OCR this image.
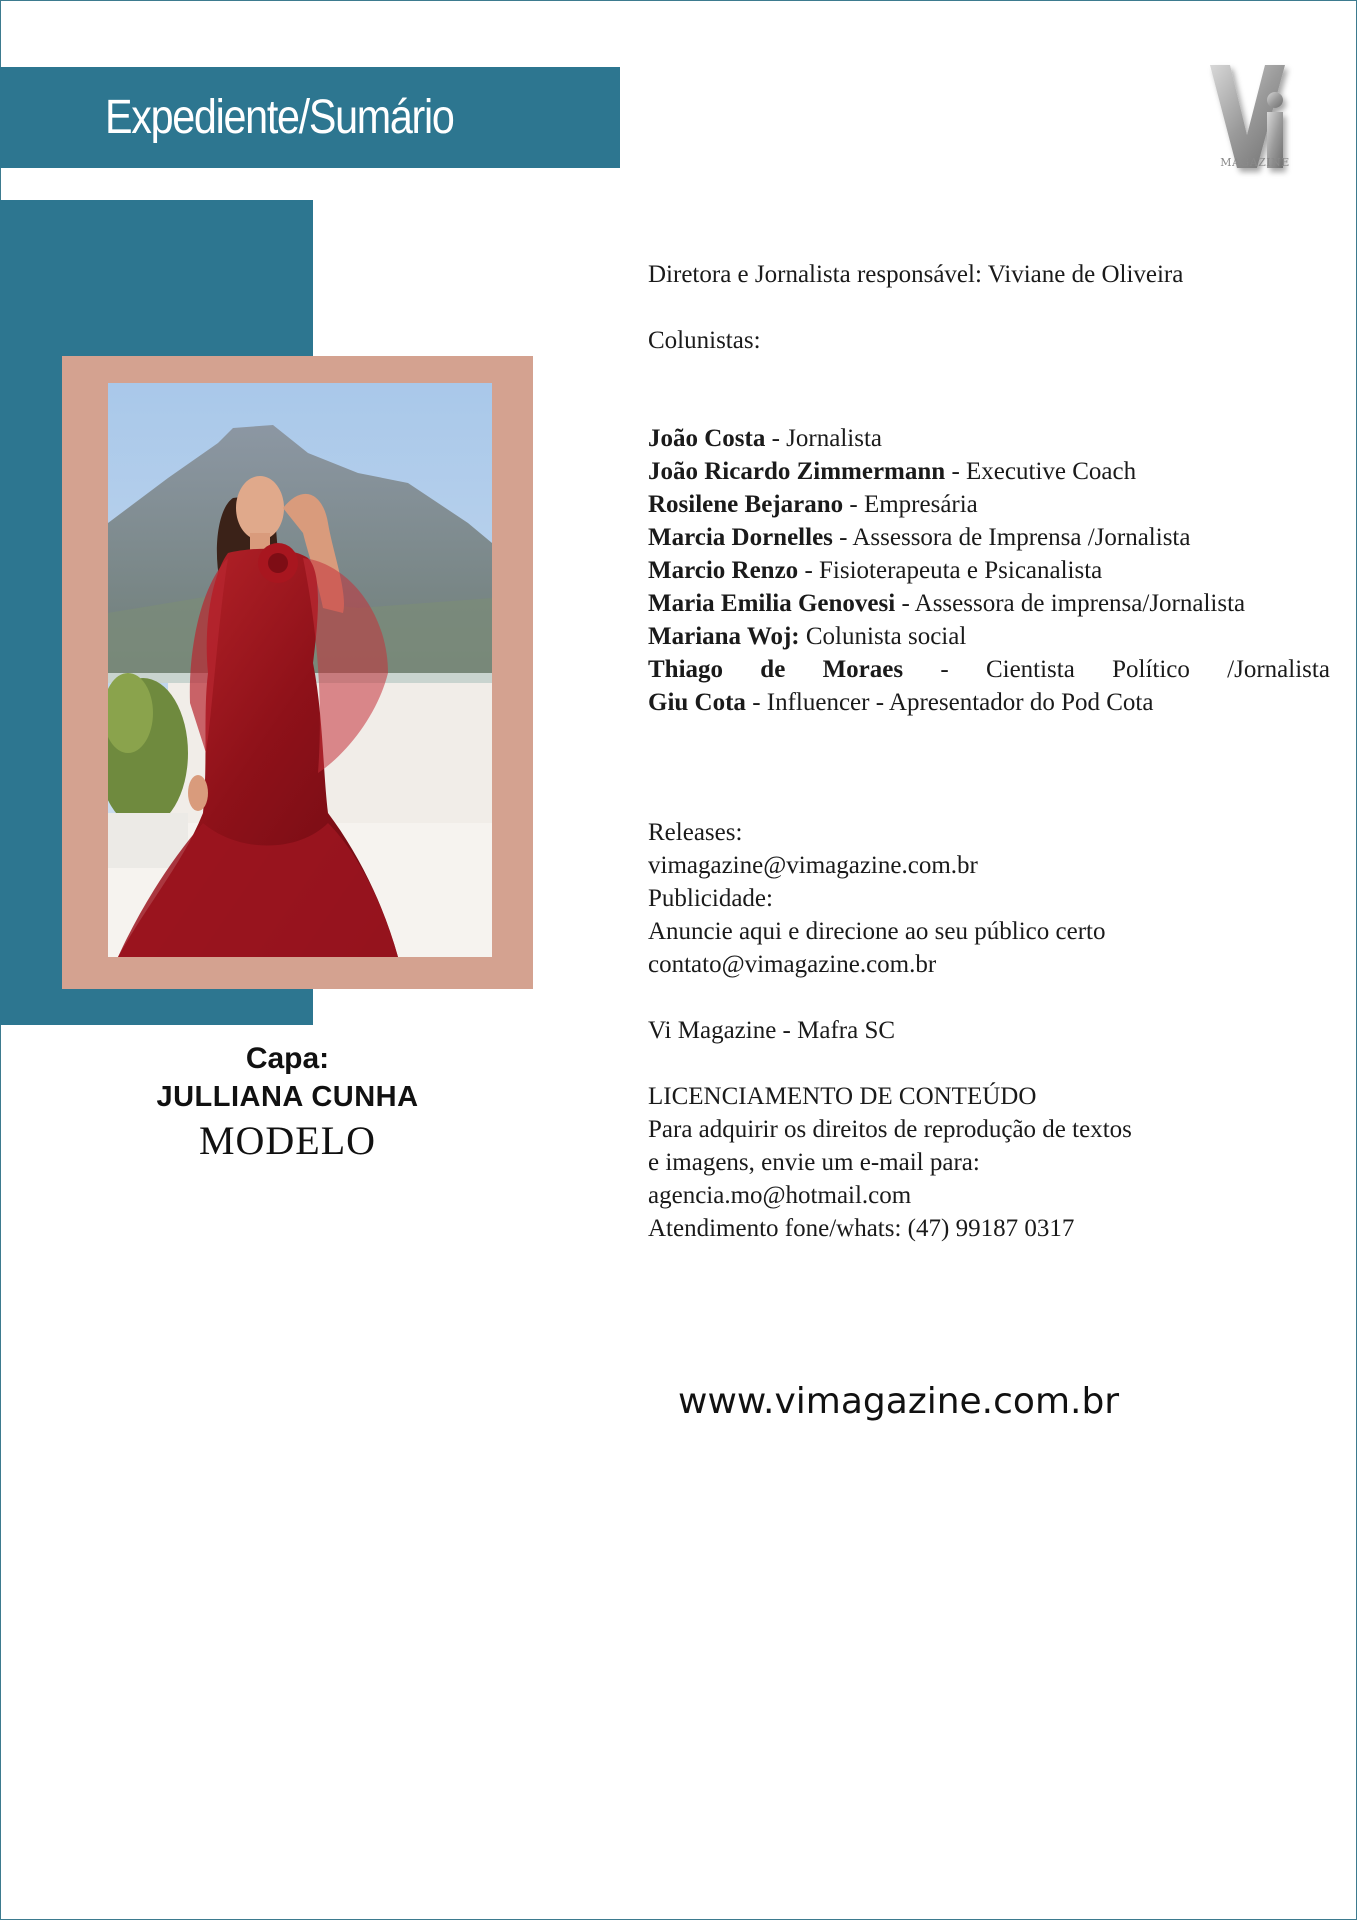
Expediente/Sumário
MAGAZINE
Capa:
JULLIANA CUNHA
MODELO
Diretora e Jornalista responsável: Viviane de Oliveira
Colunistas:
João Costa - Jornalista
João Ricardo Zimmermann - Executive Coach
Rosilene Bejarano - Empresária
Marcia Dornelles - Assessora de Imprensa /Jornalista
Marcio Renzo - Fisioterapeuta e Psicanalista
Maria Emilia Genovesi - Assessora de imprensa/Jornalista
Mariana Woj: Colunista social
Thiago de Moraes - Cientista Político /Jornalista
Giu Cota - Influencer - Apresentador do Pod Cota
Releases:
vimagazine@vimagazine.com.br
Publicidade:
Anuncie aqui e direcione ao seu público certo
contato@vimagazine.com.br
Vi Magazine - Mafra SC
LICENCIAMENTO DE CONTEÚDO
Para adquirir os direitos de reprodução de textos
e imagens, envie um e-mail para:
agencia.mo@hotmail.com
Atendimento fone/whats: (47) 99187 0317
www.vimagazine.com.br
